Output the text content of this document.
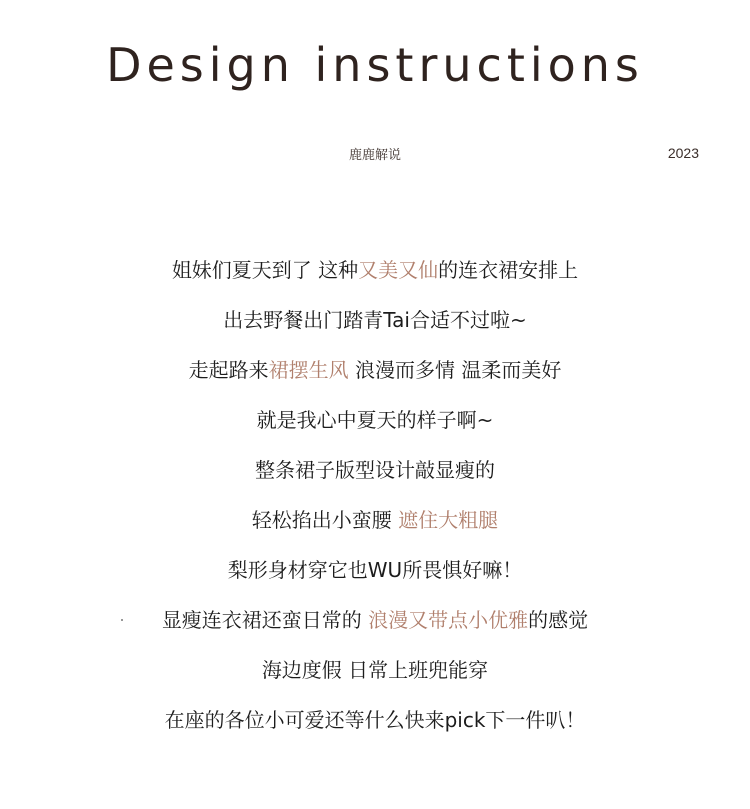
Design instructions
鹿鹿解说	2023
姐妹们夏天到了 这种又美又仙的连衣裙安排上
出去野餐出门踏青Tai合适不过啦~
走起路来裙摆生风 浪漫而多情 温柔而美好
就是我心中夏天的样子啊~
整条裙子版型设计敲显瘦的
轻松掐出小蛮腰 遮住大粗腿
梨形身材穿它也WU所畏惧好嘛！
显瘦连衣裙还蛮日常的 浪漫又带点小优雅的感觉
海边度假 日常上班兜能穿
在座的各位小可爱还等什么快来pick下一件叭！
